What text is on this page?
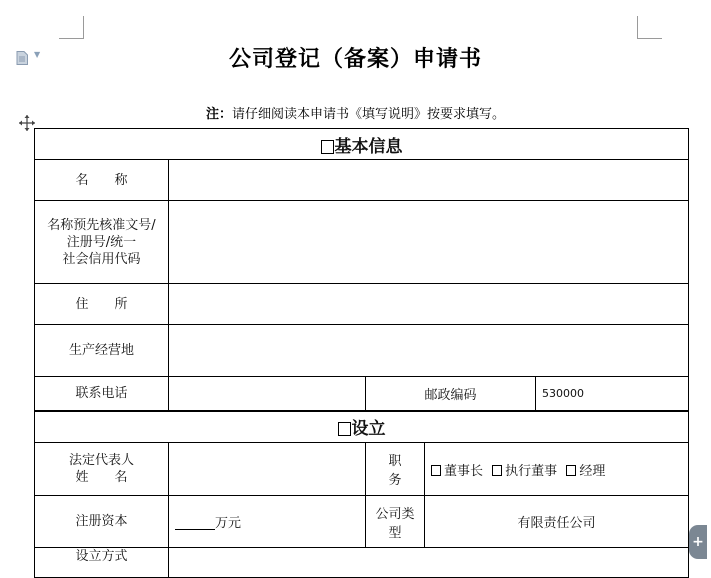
▼	公司登记（备案）申请书
注：请仔细阅读本申请书《填写说明》按要求填写。
基本信息				
名　　称				

名称预先核准文号/
注册号/统一
社会信用代码				

住　　所				
生产经营地				
联系电话		邮政编码		530000
设立				

法定代表人
姓　　名		职　　务	董事长 执行董事 经理	
注册资本	万元	公司类型	有限责任公司	
设立方式				
+
